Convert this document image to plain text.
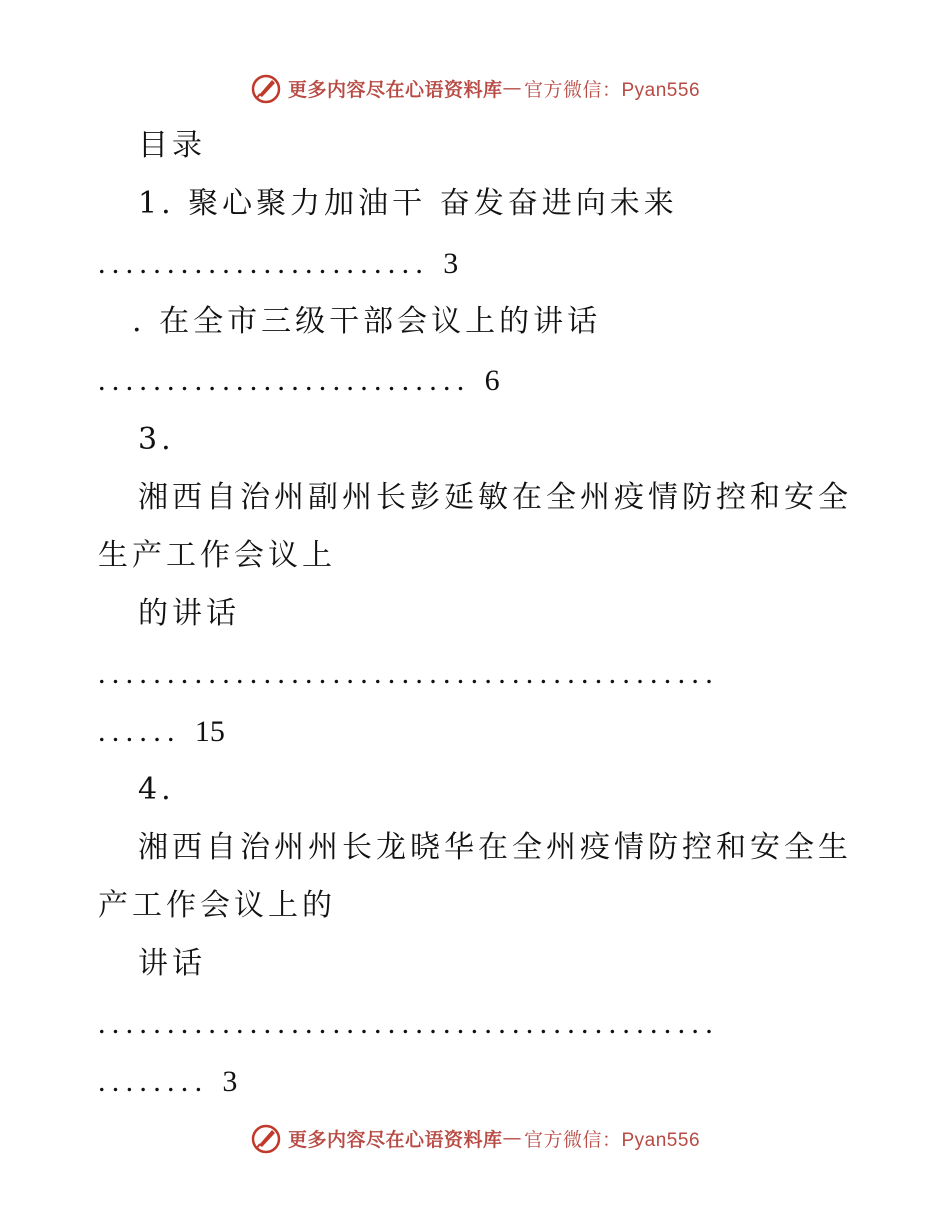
更多内容尽在心语资料库 — 官方微信：Pyan556
目录
1. 聚心聚力加油干 奋发奋进向未来
........................ 3
. 在全市三级干部会议上的讲话
........................... 6
3.
湘西自治州副州长彭延敏在全州疫情防控和安全
生产工作会议上
的讲话
.............................................
...... 15
4.
湘西自治州州长龙晓华在全州疫情防控和安全生
产工作会议上的
讲话
.............................................
........ 3
更多内容尽在心语资料库 — 官方微信：Pyan556
